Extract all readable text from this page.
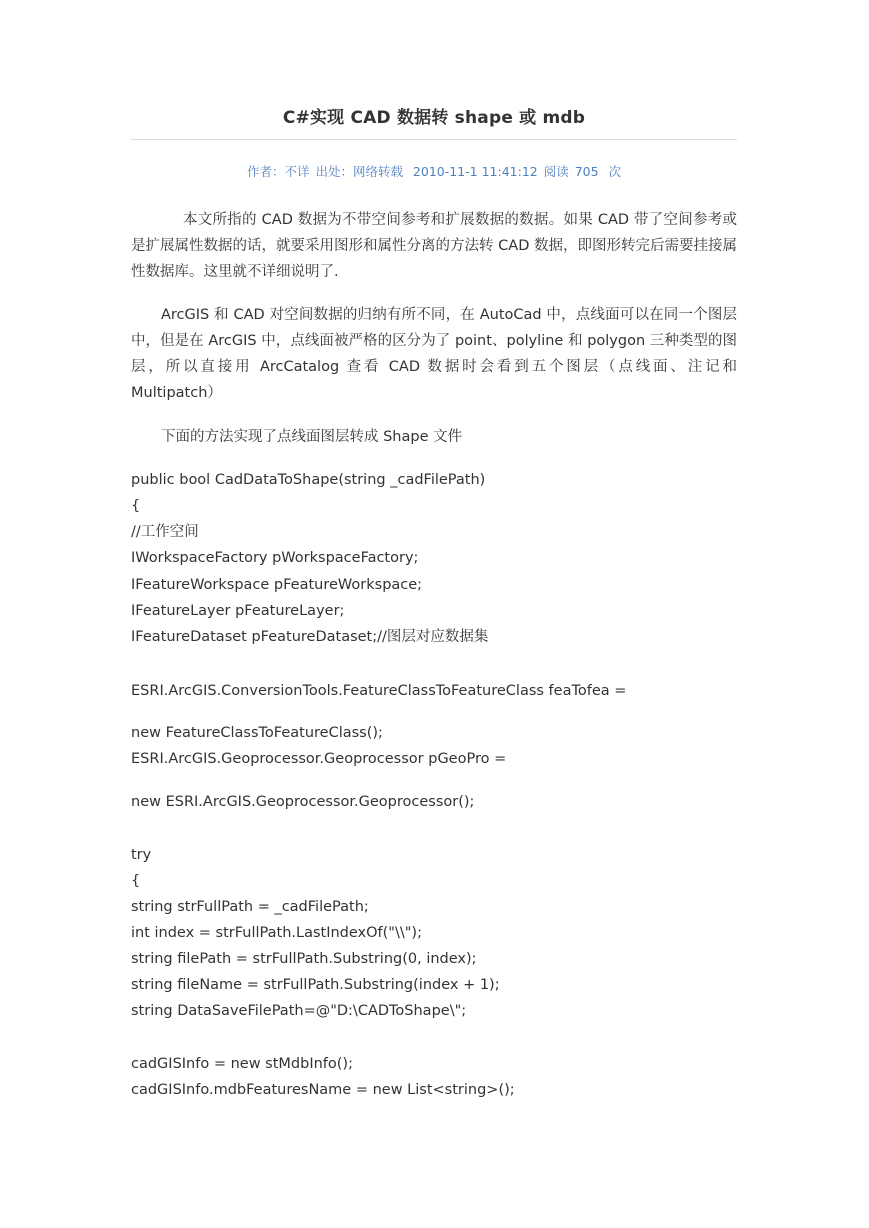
C#实现 CAD 数据转 shape 或 mdb
作者：不详 出处：网络转载 2010-11-1 11:41:12 阅读 705 次
本文所指的 CAD 数据为不带空间参考和扩展数据的数据。如果 CAD 带了空间参考或是扩展属性数据的话，就要采用图形和属性分离的方法转 CAD 数据，即图形转完后需要挂接属性数据库。这里就不详细说明了.
ArcGIS 和 CAD 对空间数据的归纳有所不同，在 AutoCad 中，点线面可以在同一个图层中，但是在 ArcGIS 中，点线面被严格的区分为了 point、polyline 和 polygon 三种类型的图层，所以直接用 ArcCatalog 查看 CAD 数据时会看到五个图层（点线面、注记和 Multipatch）
下面的方法实现了点线面图层转成 Shape 文件
public bool CadDataToShape(string _cadFilePath)
{
//工作空间
IWorkspaceFactory pWorkspaceFactory;
IFeatureWorkspace pFeatureWorkspace;
IFeatureLayer pFeatureLayer;
IFeatureDataset pFeatureDataset;//图层对应数据集
ESRI.ArcGIS.ConversionTools.FeatureClassToFeatureClass feaTofea =
new FeatureClassToFeatureClass();
ESRI.ArcGIS.Geoprocessor.Geoprocessor pGeoPro =
new ESRI.ArcGIS.Geoprocessor.Geoprocessor();
try
{
string strFullPath = _cadFilePath;
int index = strFullPath.LastIndexOf("\\");
string filePath = strFullPath.Substring(0, index);
string fileName = strFullPath.Substring(index + 1);
string DataSaveFilePath=@"D:\CADToShape\";
cadGISInfo = new stMdbInfo();
cadGISInfo.mdbFeaturesName = new List<string>();
